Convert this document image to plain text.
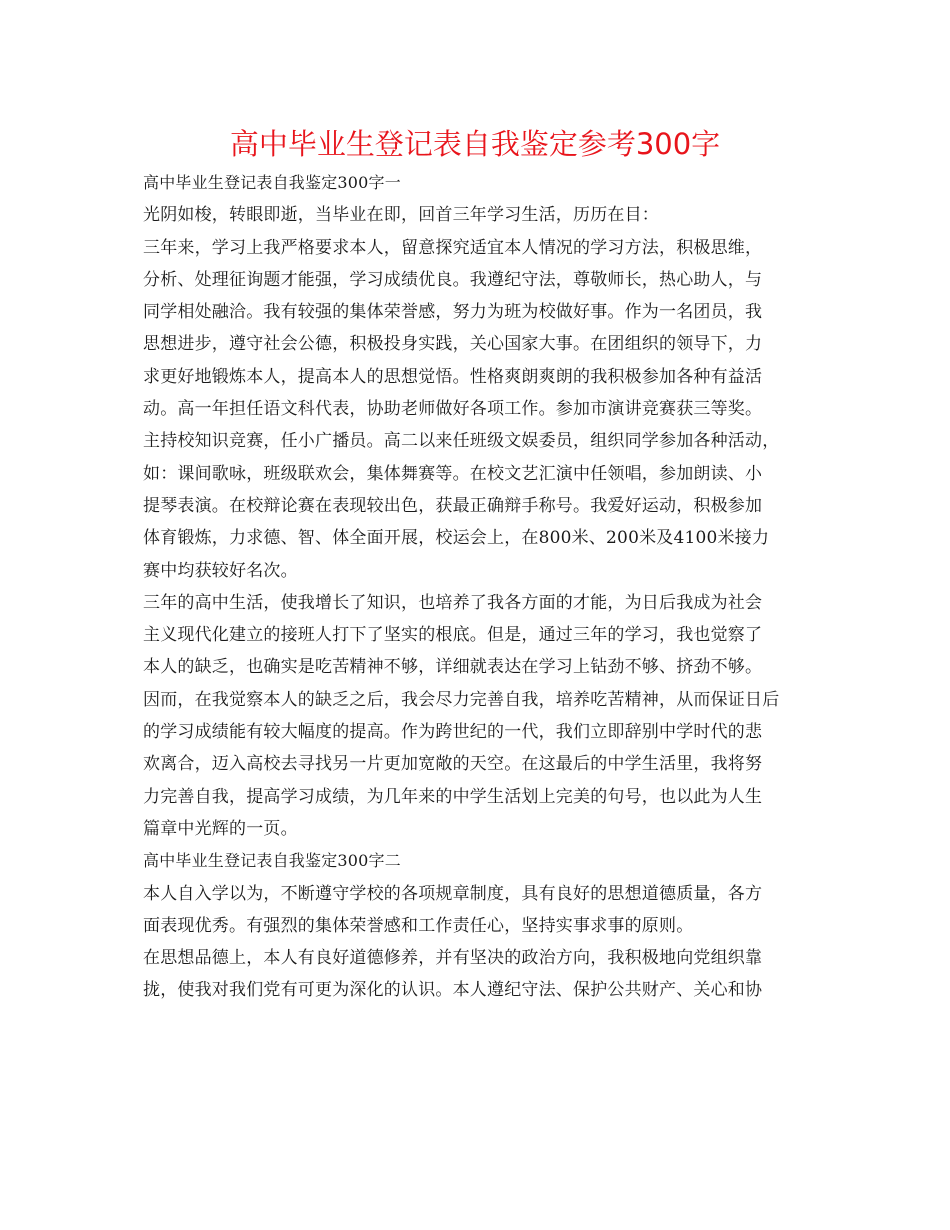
高中毕业生登记表自我鉴定参考300字

高中毕业生登记表自我鉴定300字一

光阴如梭，转眼即逝，当毕业在即，回首三年学习生活，历历在目：

三年来，学习上我严格要求本人，留意探究适宜本人情况的学习方法，积极思维，

分析、处理征询题才能强，学习成绩优良。我遵纪守法，尊敬师长，热心助人，与

同学相处融洽。我有较强的集体荣誉感，努力为班为校做好事。作为一名团员，我

思想进步，遵守社会公德，积极投身实践，关心国家大事。在团组织的领导下，力

求更好地锻炼本人，提高本人的思想觉悟。性格爽朗爽朗的我积极参加各种有益活

动。高一年担任语文科代表，协助老师做好各项工作。参加市演讲竞赛获三等奖。

主持校知识竞赛，任小广播员。高二以来任班级文娱委员，组织同学参加各种活动，

如：课间歌咏，班级联欢会，集体舞赛等。在校文艺汇演中任领唱，参加朗读、小

提琴表演。在校辩论赛在表现较出色，获最正确辩手称号。我爱好运动，积极参加

体育锻炼，力求德、智、体全面开展，校运会上，在800米、200米及4100米接力

赛中均获较好名次。

三年的高中生活，使我增长了知识，也培养了我各方面的才能，为日后我成为社会

主义现代化建立的接班人打下了坚实的根底。但是，通过三年的学习，我也觉察了

本人的缺乏，也确实是吃苦精神不够，详细就表达在学习上钻劲不够、挤劲不够。

因而，在我觉察本人的缺乏之后，我会尽力完善自我，培养吃苦精神，从而保证日后

的学习成绩能有较大幅度的提高。作为跨世纪的一代，我们立即辞别中学时代的悲

欢离合，迈入高校去寻找另一片更加宽敞的天空。在这最后的中学生活里，我将努

力完善自我，提高学习成绩，为几年来的中学生活划上完美的句号，也以此为人生

篇章中光辉的一页。

高中毕业生登记表自我鉴定300字二

本人自入学以为，不断遵守学校的各项规章制度，具有良好的思想道德质量，各方

面表现优秀。有强烈的集体荣誉感和工作责任心，坚持实事求事的原则。

在思想品德上，本人有良好道德修养，并有坚决的政治方向，我积极地向党组织靠

拢，使我对我们党有可更为深化的认识。本人遵纪守法、保护公共财产、关心和协
